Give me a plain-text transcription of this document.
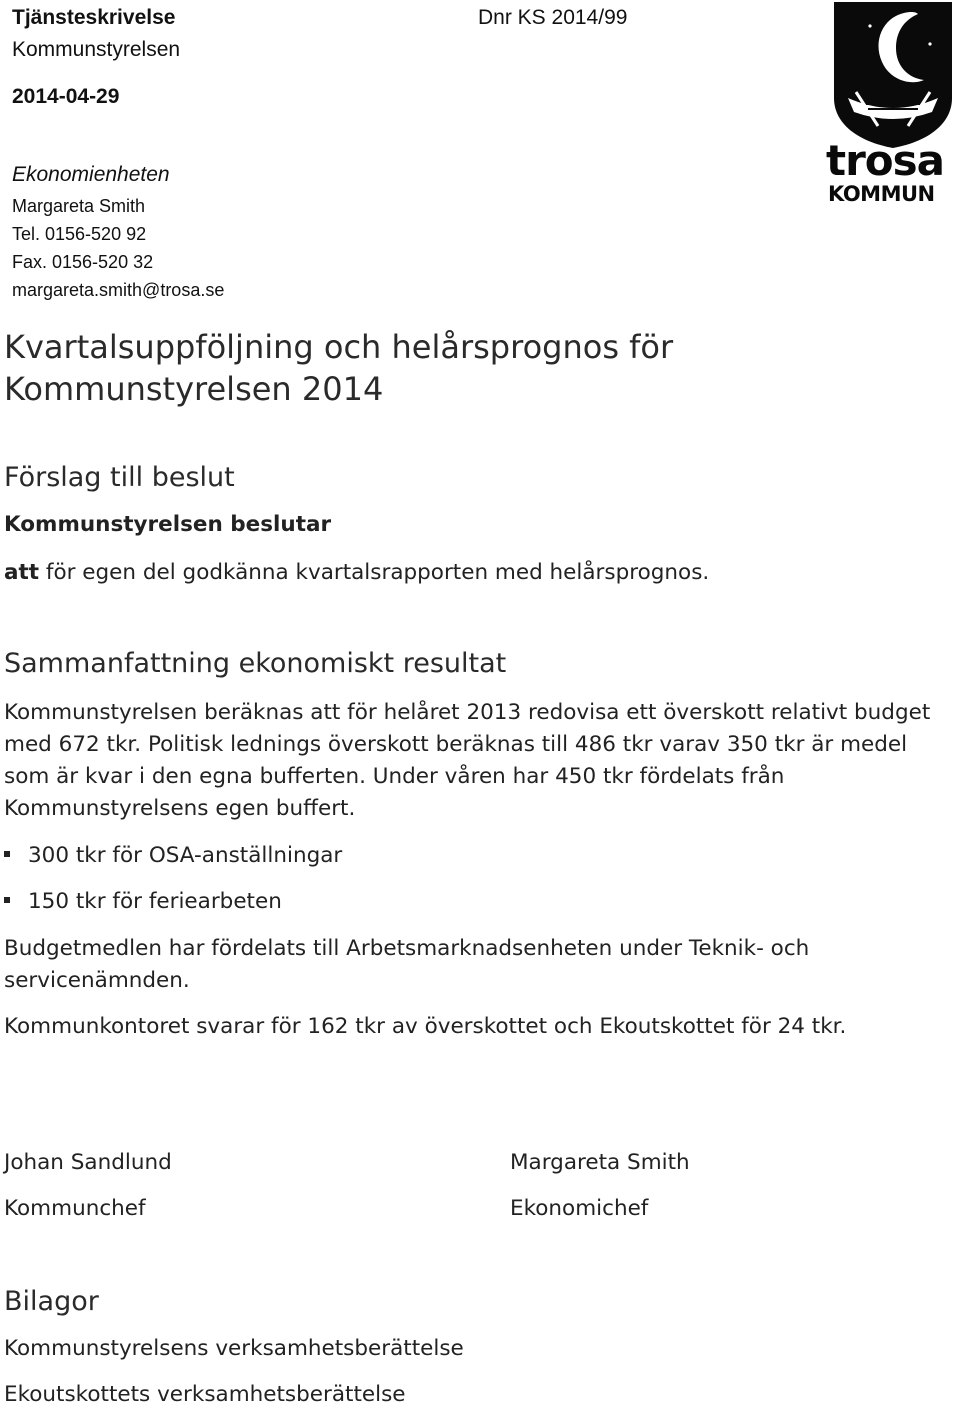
Tjänsteskrivelse
Kommunstyrelsen
2014-04-29
Dnr KS 2014/99
Ekonomienheten
Margareta Smith
Tel. 0156-520 92
Fax. 0156-520 32
margareta.smith@trosa.se
trosa
KOMMUN
Kvartalsuppföljning och helårsprognos för
Kommunstyrelsen 2014
Förslag till beslut
Kommunstyrelsen beslutar
att för egen del godkänna kvartalsrapporten med helårsprognos.
Sammanfattning ekonomiskt resultat

Kommunstyrelsen beräknas att för helåret 2013 redovisa ett överskott relativt budget med 672 tkr. Politisk lednings överskott beräknas till 486 tkr varav 350 tkr är medel som är kvar i den egna bufferten. Under våren har 450 tkr fördelats från Kommunstyrelsens egen buffert.

300 tkr för OSA-anställningar
150 tkr för feriearbeten

Budgetmedlen har fördelats till Arbetsmarknadsenheten under Teknik- och servicenämnden.

Kommunkontoret svarar för 162 tkr av överskottet och Ekoutskottet för 24 tkr.

Johan Sandlund
Kommunchef
Margareta Smith
Ekonomichef
Bilagor
Kommunstyrelsens verksamhetsberättelse
Ekoutskottets verksamhetsberättelse
